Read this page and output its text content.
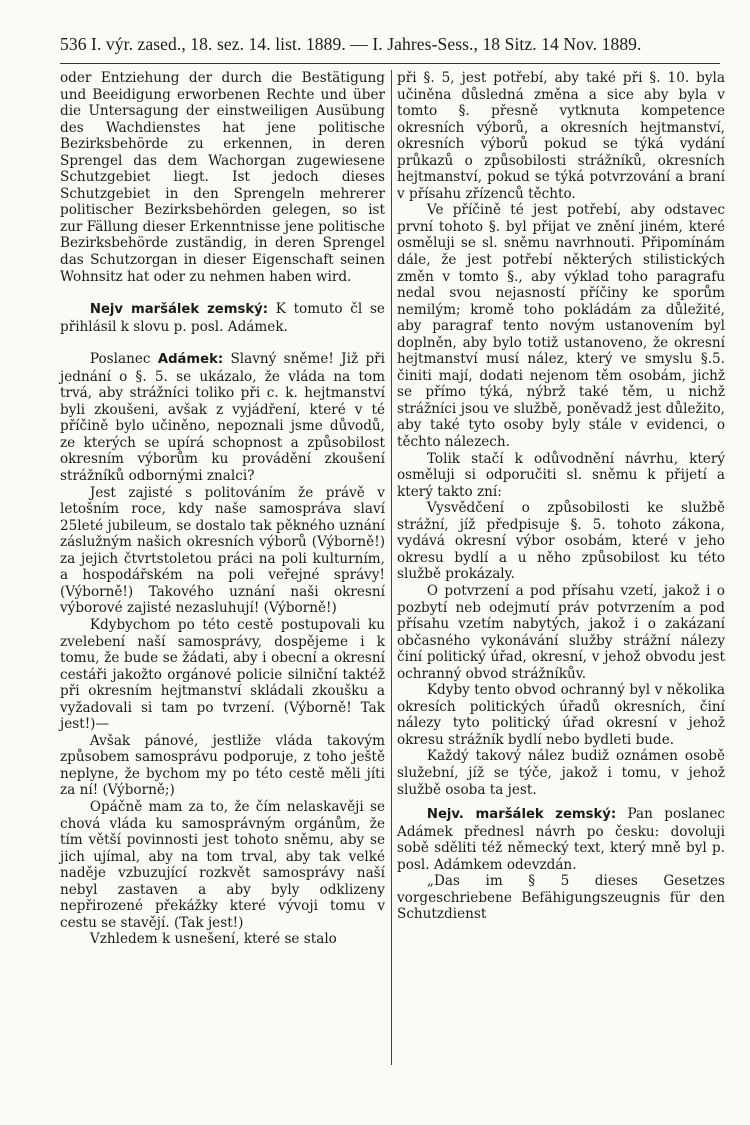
536 I. výr. zased., 18. sez. 14. list. 1889. — I. Jahres-Sess., 18 Sitz. 14 Nov. 1889.

oder Entziehung der durch die Bestätigung und Beeidigung erworbenen Rechte und über die Untersagung der einstweiligen Ausübung des Wachdienstes hat jene politische Bezirksbehörde zu erkennen, in deren Sprengel das dem Wachorgan zugewiesene Schutzgebiet liegt. Ist jedoch dieses Schutzgebiet in den Sprengeln mehrerer politischer Bezirksbehörden gelegen, so ist zur Fällung dieser Erkenntnisse jene politische Bezirksbehörde zuständig, in deren Sprengel das Schutzorgan in dieser Eigenschaft seinen Wohnsitz hat oder zu nehmen haben wird.

Nejv maršálek zemský: K tomuto čl se přihlásil k slovu p. posl. Adámek.

Poslanec Adámek: Slavný sněme! Již při jednání o §. 5. se ukázalo, že vláda na tom trvá, aby strážníci toliko při c. k. hejtmanství byli zkoušeni, avšak z vyjádření, které v té příčině bylo učiněno, nepoznali jsme důvodů, ze kterých se upírá schopnost a způsobilost okresním výborům ku provádění zkoušení strážníků odbornými znalci?

Jest zajisté s politováním že právě v letošním roce, kdy naše samospráva slaví 25leté jubileum, se dostalo tak pěkného uznání záslužným našich okresních výborů (Výborně!) za jejich čtvrtstoletou práci na poli kulturním, a hospodářském na poli veřejné správy! (Výborně!) Takového uznání naši okresní výborové zajisté nezasluhují! (Výborně!)

Kdybychom po této cestě postupovali ku zvelebení naší samosprávy, dospějeme i k tomu, že bude se žádati, aby i obecní a okresní cestáři jakožto orgánové policie silniční taktéž při okresním hejtmanství skládali zkoušku a vyžadovali si tam po tvrzení. (Výborně! Tak jest!)—

Avšak pánové, jestliže vláda takovým způsobem samosprávu podporuje, z toho ještě neplyne, že bychom my po této cestě měli jíti za ní! (Výborně;)

Opáčně mam za to, že čím nelaskavěji se chová vláda ku samosprávným orgánům, že tím větší povinnosti jest tohoto sněmu, aby se jich ujímal, aby na tom trval, aby tak velké naděje vzbuzující rozkvět samosprávy naší nebyl zastaven a aby byly odklizeny nepřirozené překážky které vývoji tomu v cestu se stavějí. (Tak jest!)

Vzhledem k usnešení, které se stalo

při §. 5, jest potřebí, aby také při §. 10. byla učiněna důsledná změna a sice aby byla v tomto §. přesně vytknuta kompetence okresních výborů, a okresních hejtmanství, okresních výborů pokud se týká vydání průkazů o způsobilosti strážníků, okresních hejtmanství, pokud se týká potvrzování a braní v přísahu zřízenců těchto.

Ve příčině té jest potřebí, aby odstavec první tohoto §. byl přijat ve znění jiném, které osměluji se sl. sněmu navrhnouti. Připomínám dále, že jest potřebí některých stilistických změn v tomto §., aby výklad toho paragrafu nedal svou nejasností příčiny ke sporům nemilým; kromě toho pokládám za důležité, aby paragraf tento novým ustanovením byl doplněn, aby bylo totiž ustanoveno, že okresní hejtmanství musí nález, který ve smyslu §.5. činiti mají, dodati nejenom těm osobám, jichž se přímo týká, nýbrž také těm, u nichž strážníci jsou ve službě, poněvadž jest důležito, aby také tyto osoby byly stále v evidenci, o těchto nálezech.

Tolik stačí k odůvodnění návrhu, který osměluji si odporučiti sl. sněmu k přijetí a který takto zní:

Vysvědčení o způsobilosti ke službě strážní, jíž předpisuje §. 5. tohoto zákona, vydává okresní výbor osobám, které v jeho okresu bydlí a u něho způsobilost ku této službě prokázaly.

O potvrzení a pod přísahu vzetí, jakož i o pozbytí neb odejmutí práv potvrzením a pod přísahu vzetím nabytých, jakož i o zakázaní občasného vykonávání služby strážní nálezy činí politický úřad, okresní, v jehož obvodu jest ochranný obvod strážníkův.

Kdyby tento obvod ochranný byl v několika okresích politických úřadů okresních, činí nálezy tyto politický úřad okresní v jehož okresu strážník bydlí nebo bydleti bude.

Každý takový nález budiž oznámen osobě služební, jíž se týče, jakož i tomu, v jehož službě osoba ta jest.

Nejv. maršálek zemský: Pan poslanec Adámek přednesl návrh po česku: dovoluji sobě sděliti též německý text, který mně byl p. posl. Adámkem odevzdán.

„Das im § 5 dieses Gesetzes vorgeschriebene Befähigungszeugnis für den Schutzdienst
